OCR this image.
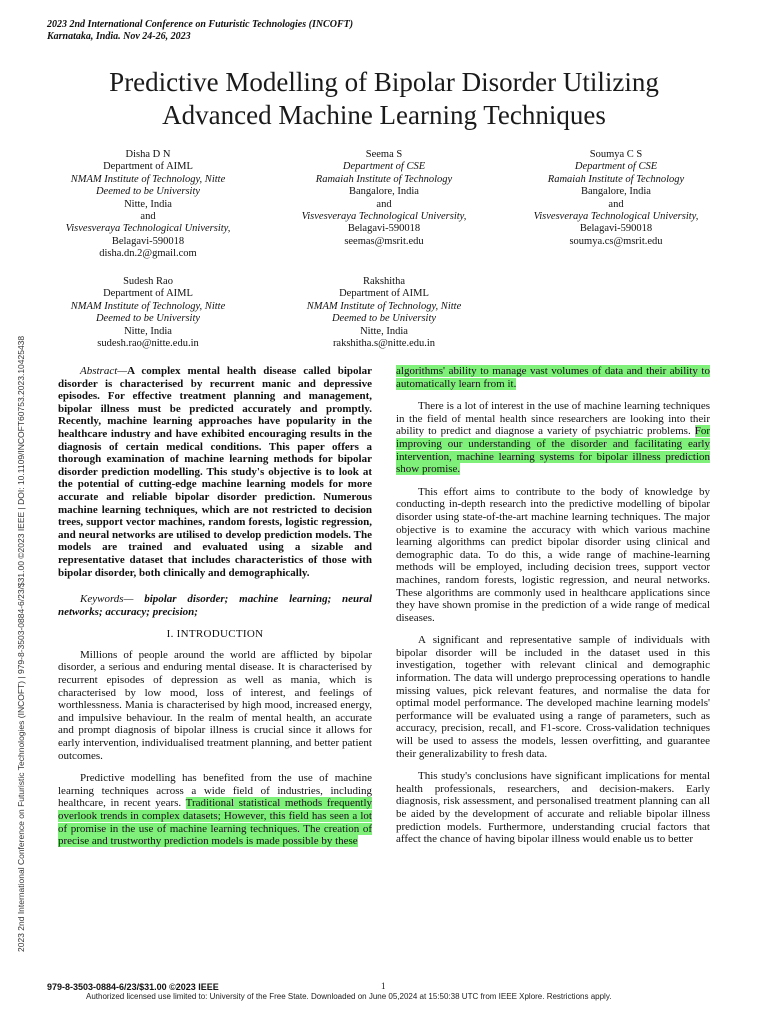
2023 2nd International Conference on Futuristic Technologies (INCOFT)
Karnataka, India. Nov 24-26, 2023
Predictive Modelling of Bipolar Disorder Utilizing
Advanced Machine Learning Techniques
Disha D N
Department of AIML
NMAM Institute of Technology, Nitte
Deemed to be University
Nitte, India
and
Visvesveraya Technological University,
Belagavi-590018
disha.dn.2@gmail.com
Seema S
Department of CSE
Ramaiah Institute of Technology
Bangalore, India
and
Visvesveraya Technological University,
Belagavi-590018
seemas@msrit.edu
Soumya C S
Department of CSE
Ramaiah Institute of Technology
Bangalore, India
and
Visvesveraya Technological University,
Belagavi-590018
soumya.cs@msrit.edu
Sudesh Rao
Department of AIML
NMAM Institute of Technology, Nitte
Deemed to be University
Nitte, India
sudesh.rao@nitte.edu.in
Rakshitha
Department of AIML
NMAM Institute of Technology, Nitte
Deemed to be University
Nitte, India
rakshitha.s@nitte.edu.in
2023 2nd International Conference on Futuristic Technologies (INCOFT) | 979-8-3503-0884-6/23/$31.00 ©2023 IEEE | DOI: 10.1109/INCOFT60753.2023.10425438	Abstract—A complex mental health disease called bipolar disorder is characterised by recurrent manic and depressive episodes. For effective treatment planning and management, bipolar illness must be predicted accurately and promptly. Recently, machine learning approaches have popularity in the healthcare industry and have exhibited encouraging results in the diagnosis of certain medical conditions. This paper offers a thorough examination of machine learning methods for bipolar disorder prediction modelling. This study's objective is to look at the potential of cutting-edge machine learning models for more accurate and reliable bipolar disorder prediction. Numerous machine learning techniques, which are not restricted to decision trees, support vector machines, random forests, logistic regression, and neural networks are utilised to develop prediction models. The models are trained and evaluated using a sizable and representative dataset that includes characteristics of those with bipolar disorder, both clinically and demographically.

Keywords— bipolar disorder; machine learning; neural networks; accuracy; precision;

I. INTRODUCTION

Millions of people around the world are afflicted by bipolar disorder, a serious and enduring mental disease. It is characterised by recurrent episodes of depression as well as mania, which is characterised by low mood, loss of interest, and feelings of worthlessness. Mania is characterised by high mood, increased energy, and impulsive behaviour. In the realm of mental health, an accurate and prompt diagnosis of bipolar illness is crucial since it allows for early intervention, individualised treatment planning, and better patient outcomes.

Predictive modelling has benefited from the use of machine learning techniques across a wide field of industries, including healthcare, in recent years. Traditional statistical methods frequently overlook trends in complex datasets; However, this field has seen a lot of promise in the use of machine learning techniques. The creation of precise and trustworthy prediction models is made possible by these

algorithms' ability to manage vast volumes of data and their ability to automatically learn from it.

There is a lot of interest in the use of machine learning techniques in the field of mental health since researchers are looking into their ability to predict and diagnose a variety of psychiatric problems. For improving our understanding of the disorder and facilitating early intervention, machine learning systems for bipolar illness prediction show promise.

This effort aims to contribute to the body of knowledge by conducting in-depth research into the predictive modelling of bipolar disorder using state-of-the-art machine learning techniques. The major objective is to examine the accuracy with which various machine learning algorithms can predict bipolar disorder using clinical and demographic data. To do this, a wide range of machine-learning methods will be employed, including decision trees, support vector machines, random forests, logistic regression, and neural networks. These algorithms are commonly used in healthcare applications since they have shown promise in the prediction of a wide range of medical diseases.

A significant and representative sample of individuals with bipolar disorder will be included in the dataset used in this investigation, together with relevant clinical and demographic information. The data will undergo preprocessing operations to handle missing values, pick relevant features, and normalise the data for optimal model performance. The developed machine learning models' performance will be evaluated using a range of parameters, such as accuracy, precision, recall, and F1-score. Cross-validation techniques will be used to assess the models, lessen overfitting, and guarantee their generalizability to fresh data.

This study's conclusions have significant implications for mental health professionals, researchers, and decision-makers. Early diagnosis, risk assessment, and personalised treatment planning can all be aided by the development of accurate and reliable bipolar illness prediction models. Furthermore, understanding crucial factors that affect the chance of having bipolar illness would enable us to better

979-8-3503-0884-6/23/$31.00 ©2023 IEEE	1
Authorized licensed use limited to: University of the Free State. Downloaded on June 05,2024 at 15:50:38 UTC from IEEE Xplore. Restrictions apply.
